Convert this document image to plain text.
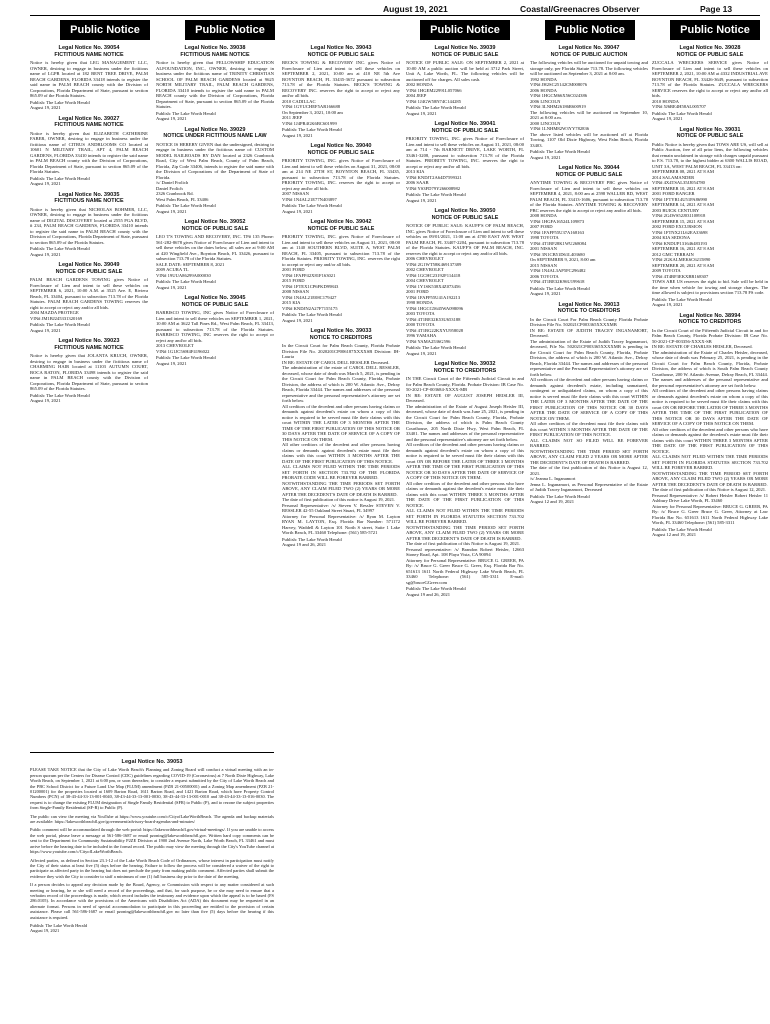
August 19, 2021	Coastal/Greenacres Observer	Page 13
Public Notice	Public Notice	Public Notice	Public Notice	Public Notice
Legal Notice No. 39054
FICTITIOUS NAME NOTICE
Notice is hereby given that LEG MANAGEMENT LLC, OWNER, desiring to engage in business under the fictitious name of LGPR located at 182 BENT TREE DRIVE, PALM BEACH GARDENS, FLORIDA 33418 intends to register the said name in PALM BEACH county with the Division of Corporations, Florida Department of State, pursuant to section 865.09 of the Florida Statutes.
Publish: The Lake Worth Herald
August 19, 2021
Legal Notice No. 39027
FICTITIOUS NAME NOTICE
Notice is hereby given that ELIZABETH CATHERINE FABER, OWNER, desiring to engage in business under the fictitious name of CITRUS ANDBLOOMS CO located at 10601 N MILITARY TRAIL, APT 4, PALM BEACH GARDENS, FLORIDA 33410 intends to register the said name in PALM BEACH county with the Division of Corporations, Florida Department of State, pursuant to section 865.09 of the Florida Statutes.
Publish: The Lake Worth Herald
August 19, 2021
Legal Notice No. 39035
FICTITIOUS NAME NOTICE
Notice is hereby given that NICHOLAS BOHMER, LLC, OWNER, desiring to engage in business under the fictitious name of DIGITAL DISCOVERY located at 2555 PGA BLVD, # 234, PALM BEACH GARDENS, FLORIDA 33410 intends to register the said name in PALM BEACH county with the Division of Corporations, Florida Department of State, pursuant to section 865.09 of the Florida Statutes.
Publish: The Lake Worth Herald
August 19, 2021
Legal Notice No. 39049
NOTICE OF PUBLIC SALE
PALM BEACH GARDENS TOWING gives Notice of Foreclosure of Lien and intent to sell these vehicles on SEPTEMBER 6, 2021, 10:00 A.M. at 3525 Ave. E, Riviera Beach, FL 33404, pursuant to subsection 713.78 of the Florida Statutes. PALM BEACH GARDENS TOWING reserves the right to accept or reject any and/or all bids.
2004 MAZDA PROTEGE
VIN# JM1BJ245331320169
Publish: The Lake Worth Herald
August 19, 2021
Legal Notice No. 39023
FICTITIOUS NAME NOTICE
Notice is hereby given that JOLANTA KRUCH, OWNER, desiring to engage in business under the fictitious name of CHARMING HAIR located at 11103 AUTUMN COURT, BOCA RATON, FLORIDA 33498 intends to register the said name in PALM BEACH county with the Division of Corporations, Florida Department of State, pursuant to section 865.09 of the Florida Statutes.
Publish: The Lake Worth Herald
August 19, 2021
Legal Notice No. 39038
FICTITIOUS NAME NOTICE
Notice is hereby given that FELLOWSHIP EDUCATION ALFOUNDATION, INC., OWNER, desiring to engage in business under the fictitious name of TRINITY CHRISTIAN SCHOOL OF PALM BEACH GARDENS located at 9625 NORTH MILITARY TRAIL, PALM BEACH GARDENS, FLORIDA 33410 intends to register the said name in PALM BEACH county with the Division of Corporations, Florida Department of State, pursuant to section 865.09 of the Florida Statutes.
Publish: The Lake Worth Herald
August 19, 2021
Legal Notice No. 39029
NOTICE UNDER FICTITIOUS NAME LAW
NOTICE IS HEREBY GIVEN that the undersigned, desiring to engage in business under the fictitious name of: CUSTOM MODEL RAILROADS BY DAN located at 2326 Cranbrook Road, City of West Palm Beach, County of Palm Beach, Florida, Zip Code 33406, intends to register the said name with the Division of Corporations of the Department of State of Florida.
/s/ Daniel Frolich
Daniel Frolich
2326 Cranbrook Rd.
West Palm Beach, FL 33406
Publish: The Lake Worth Herald
August 19, 2021
Legal Notice No. 39052
NOTICE OF PUBLIC SALE
LEO T'S TOWING AND RECOVERY, INC. TP# 135 Phone: 561-282-8678 gives Notice of Foreclosure of Lien and intent to sell these vehicles on the dates below, all sales are at 9:00 AM at 420 Wingfield Ave., Boynton Beach, FL 33426, pursuant to subsection 713.78 of the Florida Statutes.
SALE DATE: SEPTEMBER 8, 2021
2009 ACURA TL
VIN# 19UUA86299A000030
Publish: The Lake Worth Herald
August 19, 2021
Legal Notice No. 39045
NOTICE OF PUBLIC SALE
BARBISCO TOWING, INC gives Notice of Foreclosure of Lien and intent to sell these vehicles on SEPTEMBER 1, 2021, 10:00 AM at 3622 Tall Pines Rd., West Palm Beach, FL 33413, pursuant to subsection 713.78 of the Florida Statutes. BARBISCO TOWING, INC reserves the right to accept or reject any and/or all bids.
2013 CHEVROLET
VIN# 1G1JC5SH4F4196022
Publish: The Lake Worth Herald
August 19, 2021
Legal Notice No. 39043
NOTICE OF PUBLIC SALE
BECK'S TOWING & RECOVERY INC. gives Notice of Foreclosure of Lien and intent to sell these vehicles on SEPTEMBER 2, 2021, 10:00 am at 410 NE 5th Ave BOYNTON BEACH, FL 33435-3672 pursuant to subsection 713.78 of the Florida Statutes. BECK'S TOWING & RECOVERY INC. reserves the right to accept or reject any and/or all bids.
2010 CADILLAC
VIN# 1GYUCHEF5AR166688
On September 3, 2021, 10:00 am
2011 JEEP
VIN# 1J4PR4GK6BC601999
Publish: The Lake Worth Herald
August 19, 2021
Legal Notice No. 39040
NOTICE OF PUBLIC SALE
PRIORITY TOWING, INC. gives Notice of Foreclosure of Lien and intent to sell these vehicles on August 31, 2021, 08:00 am at 214 NE 27TH ST, BOYNTON BEACH, FL 33435, pursuant to subsection 713.78 of the Florida Statutes. PRIORITY TOWING, INC. reserves the right to accept or reject any and/or all bids.
2007 NISSAN
VIN# 1N4AL21E77N403897
Publish: The Lake Worth Herald
August 19, 2021
Legal Notice No. 39042
NOTICE OF PUBLIC SALE
PRIORITY TOWING, INC. gives Notice of Foreclosure of Lien and intent to sell these vehicles on August 31, 2021, 08:00 am at 1140 SOUTHERN BLVD, SUITE A, WEST PALM BEACH, FL 33405, pursuant to subsection 713.78 of the Florida Statutes. PRIORITY TOWING, INC. reserves the right to accept or reject any and/or all bids.
2001 FORD
VIN# 1FAFP42X81F163021
2015 FORD
VIN# 1FTEX1CP6FKD99843
2008 NISSAN
VIN# 1N4AL21E08C179427
2015 KIA
VIN# KNDJN2A27F7155175
Publish: The Lake Worth Herald
August 19, 2021
Legal Notice No. 39033
NOTICE TO CREDITORS
In the Circuit Court for Palm Beach County, Florida Probate Division File No. 2020201CP006187XXXXSB Division: IH-Lauria
IN RE: ESTATE OF CAROL DELL RESSLER Deceased.
The administration of the estate of CAROL DELL RESSLER, deceased, whose date of death was March 5, 2021, is pending in the Circuit Court for Palm Beach County, Florida, Probate Division, the address of which is 200 W. Atlantic Ave., Delray Beach, Florida 33444. The names and addresses of the personal representative and the personal representative's attorney are set forth below.
All creditors of the decedent and other persons having claims or demands against decedent's estate on whom a copy of this notice is required to be served must file their claims with this court WITHIN THE LATER OF 3 MONTHS AFTER THE TIME OF THE FIRST PUBLICATION OF THIS NOTICE OR 30 DAYS AFTER THE DATE OF SERVICE OF A COPY OF THIS NOTICE ON THEM.
All other creditors of the decedent and other persons having claims or demands against decedent's estate must file their claims with this court WITHIN 3 MONTHS AFTER THE DATE OF THE FIRST PUBLICATION OF THIS NOTICE.
ALL CLAIMS NOT FILED WITHIN THE TIME PERIODS SET FORTH IN SECTION 733.702 OF THE FLORIDA PROBATE CODE WILL BE FOREVER BARRED.
NOTWITHSTANDING THE TIME PERIODS SET FORTH ABOVE, ANY CLAIM FILED TWO (2) YEARS OR MORE AFTER THE DECEDENT'S DATE OF DEATH IS BARRED.
The date of first publication of this notice is August 19, 2021.
Personal Representative: /s/ Steven V. Ressler STEVEN V. RESSLER 42-55 Oakland Street Stuart, FL 34997
Attorney for Personal Representative: /s/ Ryan M. Layton RYAN M. LAYTON, Esq. Florida Bar Number: 571172 Harvey, Waddell & Layton 101 North S street, Suite 1 Lake Worth Beach, FL 33460 Telephone: (561) 585-5721
Publish: The Lake Worth Herald
August 19 and 26, 2021
Legal Notice No. 39039
NOTICE OF PUBLIC SALE
NOTICE OF PUBLIC SALE: ON SEPTEMBER 2, 2021 at 10:00 AM a public auction will be held at 3712 Park Street, Unit A, Lake Worth, FL. The following vehicles will be auctioned off for charges. All sales cash.
2002 HONDA
VIN# 1HGEM22991L057066
2004 JEEP
VIN# 1J4GW58N74C144285
Publish: The Lake Worth Herald
August 19, 2021
Legal Notice No. 39041
NOTICE OF PUBLIC SALE
PRIORITY TOWING, INC. gives Notice of Foreclosure of Lien and intent to sell these vehicles on August 31, 2021, 08:00 am at 714 - 7th BARNETT DRIVE, LAKE WORTH, FL 33461-3208, pursuant to subsection 713.78 of the Florida Statutes. PRIORITY TOWING, INC. reserves the right to accept or reject any and/or all bids.
2013 KIA
VIN# KNDJT2A64D7599321
2006 SAAB
VIN# YS3FD79Y266008982
Publish: The Lake Worth Herald
August 19, 2021
Legal Notice No. 39050
NOTICE OF PUBLIC SALE
NOTICE OF PUBLIC SALE: KAUFF'S OF PALM BEACH, INC. gives Notice of Foreclosure of Lien and intent to sell these vehicles on 09/01/2021, 11:00 am at 4700 EAST AVE WEST PALM BEACH, FL 33407-2204, pursuant to subsection 713.78 of the Florida Statutes. KAUFF'S OF PALM BEACH, INC. reserves the right to accept or reject any and/or all bids.
2006 CHEVROLET
VIN# 2G1WT58K469137389
2002 CHEVROLET
VIN# 1GCHC23192F114418
2004 CHEVROLET
VIN# 1Y1SK538X4Z073456
2001 FORD
VIN# 1FAFP55U41A192213
1998 HONDA
VIN# 1HGCG5645WA098096
2003 TOYOTA
VIN# 4T1BE32K53U653188
2000 TOYOTA
VIN# 4T1BG22KXYU958028
1996 YAMAHA
VIN# YAMA2536G596
Publish: The Lake Worth Herald
August 19, 2021
Legal Notice No. 39032
NOTICE TO CREDITORS
IN THE Circuit Court of the Fifteenth Judicial Circuit in and for Palm Beach County, Florida. Probate Division: IB Case No. 50-2021-CP-003684-XXXX-MB
IN RE: ESTATE OF AUGUST JOSEPH HEISLER III, Deceased.
The administration of the Estate of August Joseph Heisler III, deceased, whose date of death was June 25, 2021, is pending in the Circuit Court for Palm Beach County, Florida, Probate Division, the address of which is Palm Beach County Courthouse, 205 North Dixie Hwy, West Palm Beach, FL 33401. The names and addresses of the personal representative and the personal representative's attorney are set forth below.
All creditors of the decedent and other persons having claims or demands against decedent's estate on whom a copy of this notice is required to be served must file their claims with this court ON OR BEFORE THE LATER OF THREE 3 MONTHS AFTER THE TIME OF THE FIRST PUBLICATION OF THIS NOTICE OR 30 DAYS AFTER THE DATE OF SERVICE OF A COPY OF THIS NOTICE ON THEM.
All other creditors of the decedent and other persons who have claims or demands against the decedent's estate must file their claims with this court WITHIN THREE 3 MONTHS AFTER THE DATE OF THE FIRST PUBLICATION OF THIS NOTICE.
ALL CLAIMS NOT FILED WITHIN THE TIME PERIODS SET FORTH IN FLORIDA STATUTES SECTION 733.702 WILL BE FOREVER BARRED.
NOTWITHSTANDING THE TIME PERIOD SET FORTH ABOVE, ANY CLAIM FILED TWO (2) YEARS OR MORE AFTER THE DECEDENT'S DATE OF DEATH IS BARRED.
The date of first publication of this Notice is August 19, 2021.
Personal representative: /s/ Brandon Robert Heisler, 12663 Stoney Road, Apt. 108 Playa Vista, CA 90094
Attorney for Personal Representative: BRUCE G. GREER, PA By: /s/ Bruce G. Greer Bruce G. Greer, Esq. Florida Bar No. 651613 1611 North Federal Highway Lake Worth Beach, FL 33460 Telephone: (561) 585-3311 E-mail: sg@bruceGGreer.com
Publish: The Lake Worth Herald
August 19 and 26, 2021
Legal Notice No. 39047
NOTICE OF PUBLIC AUCTION
The following vehicles will be auctioned for unpaid towing and storage only, per Florida Statute 713.78. The following vehicles will be auctioned on September 3, 2021 at 8:00 am.
1992 HONDA
VIN# JH2SC25142CM008076
2006 HONDA
VIN# 1HGCM66X56C024386
2006 LINCOLN
VIN# 3LNHM26186R600919
The following vehicles will be auctioned on September 10, 2021 at 8:00 a.m.
2000 LINCOLN
VIN# 1LNHM82W3YY782836
The above listed vehicles will be auctioned off at Florida Towing, 1107 Old Dixie Highway, West Palm Beach, Florida 33403.
Publish: The Lake Worth Herald
August 19, 2021
Legal Notice No. 39044
NOTICE OF PUBLIC SALE
ANYTIME TOWING & RECOVERY PBC gives Notice of Foreclosure of Lien and intent to sell these vehicles on SEPTEMBER 4, 2021, 8:00 am at 2598 WALLER RD, WEST PALM BEACH, FL 33413-1606, pursuant to subsection 713.78 of the Florida Statutes. ANYTIME TOWING & RECOVERY PBC reserves the right to accept or reject any and/or all bids.
2008 HONDA
VIN# 1HGFA16524L109873
2007 FORD
VIN# 1FAFP55U37A168163
1998 TOYOTA
VIN# 4T1BF28K1WU268084
2001 NISSAN
VIN# 3N1CB51D61L403680
On SEPTEMBER 9, 2021, 8:00 am
2015 NISSAN
VIN# 1N4AL3AP5FC296482
2006 TOYOTA
VIN# 4T1BE32K96U199618
Publish: The Lake Worth Herald
August 19, 2021
Legal Notice No. 39013
NOTICE TO CREDITORS
In the Circuit Court For Palm Beach County Florida Probate Division File No. 502021CP003365XXXXMB
IN RE: ESTATE OF JUDITH TRACEY INGANAMORT, Deceased.
The administration of the Estate of Judith Tracey Inganamort, deceased, File No. 502021CP003365XXXXMB is pending in the Circuit Court for Palm Beach County, Florida, Probate Division, the address of which is 200 W. Atlantic Ave., Delray Beach, Florida 33444. The names and addresses of the personal representative and the Personal Representative's attorney are set forth below.
All creditors of the decedent and other persons having claims or demands against decedent's estate, including unmatured, contingent or unliquidated claims, on whom a copy of this notice is served must file their claims with this court WITHIN THE LATER OF 3 MONTHS AFTER THE DATE OF THE FIRST PUBLICATION OF THIS NOTICE OR 30 DAYS AFTER THE DATE OF SERVICE OF A COPY OF THIS NOTICE ON THEM.
All other creditors of the decedent must file their claims with this court WITHIN 3 MONTHS AFTER THE DATE OF THE FIRST PUBLICATION OF THIS NOTICE.
ALL CLAIMS NOT SO FILED WILL BE FOREVER BARRED.
NOTWITHSTANDING THE TIME PERIOD SET FORTH ABOVE, ANY CLAIM FILED 2 YEARS OR MORE AFTER THE DECEDENT'S DATE OF DEATH IS BARRED.
The date of the first publication of this Notice is August 12, 2021.
/s/ Jeanna L. Inganamort
Jenna L. Inganamort, as Personal Representative of the Estate of Judith Tracey Inganamort, Deceased
Publish: The Lake Worth Herald
August 12 and 19, 2021
Legal Notice No. 39028
NOTICE OF PUBLIC SALE
ZUCCALA WRECKERS SERVICE gives Notice of Foreclosure of Lien and intent to sell these vehicles on SEPTEMBER 2, 2021, 10:00 AM at 4332 INDUSTRIAL AVE BOYNTON BEACH, FL 33426-3649, pursuant to subsection 713.78 of the Florida Statutes. ZUCCALA WRECKERS SERVICE reserves the right to accept or reject any and/or all bids.
2010 HONDA
VIN# 5J6RE4H58AL005707
Publish: The Lake Worth Herald
August 19, 2021
Legal Notice No. 39031
NOTICE OF PUBLIC SALE
Public Notice is hereby given that TOWS ARE US, will sell at Public Auction, free of all prior liens, the following vehicles that remain unclaimed in storage with charges unpaid pursuant to F.S. 713.78, to the highest bidder at 6300 WALLIS ROAD, UNIT 3A, WEST PALM BEACH, FL 33413 on:
SEPTEMBER 08, 2021 AT 8 AM
2014 SALAMANDER
VIN# 4X4TSAL35JJ054780
SEPTEMBER 10, 2021 AT 8 AM
2001 FORD RANGER
VIN# 1FTYR14U51PA86990
SEPTEMBER 14, 2021 AT 8 AM
2003 BUICK CENTURY
VIN# 2G4WS52J031108918
SEPTEMBER 15, 2021 AT 8 AM
2002 FORD EXCURSION
VIN# 1FTNX21L62EA33698
2004 KIA SEDONA
VIN# KNDUP131646483193
SEPTEMBER 16, 2021 AT 8 AM
2012 GMC TERRAIN
VIN# 2GKALMEK6C6215890
SEPTEMBER 20, 2021 AT 8 AM
2009 TOYOTA
VIN# 4T4BF3EKXBR168307
TOWS ARE US reserves the right to bid. Sale will be held in the time when vehicle for towing and storage charges. The time allowed is subject to provisions section 713.78 FS code.
Publish: The Lake Worth Herald
August 19, 2021
Legal Notice No. 38994
NOTICE TO CREDITORS
In the Circuit Court of the Fifteenth Judicial Circuit in and for Palm Beach County, Florida Probate Division: IB Case No. 50-2021-CP-003356-XXXX-SB
IN RE: ESTATE OF CHARLES HEISLER, Deceased.
The administration of the Estate of Charles Heisler, deceased, whose date of death was February 25, 2021, is pending in the Circuit Court for Palm Beach County, Florida, Probate Division, the address of which is South Palm Beach County Courthouse, 200 W. Atlantic Avenue, Delray Beach, FL 33444. The names and addresses of the personal representative and the personal representative's attorney are set forth below.
All creditors of the decedent and other persons having claims or demands against decedent's estate on whom a copy of this notice is required to be served must file their claims with this court ON OR BEFORE THE LATER OF THREE 3 MONTHS AFTER THE TIME OF THE FIRST PUBLICATION OF THIS NOTICE OR 30 DAYS AFTER THE DATE OF SERVICE OF A COPY OF THIS NOTICE ON THEM.
All other creditors of the decedent and other persons who have claims or demands against the decedent's estate must file their claims with this court WITHIN THREE 3 MONTHS AFTER THE DATE OF THE FIRST PUBLICATION OF THIS NOTICE.
ALL CLAIMS NOT FILED WITHIN THE TIME PERIODS SET FORTH IN FLORIDA STATUTES SECTION 733.702 WILL BE FOREVER BARRED.
NOTWITHSTANDING THE TIME PERIOD SET FORTH ABOVE, ANY CLAIM FILED TWO (2) YEARS OR MORE AFTER THE DECEDENT'S DATE OF DEATH IS BARRED.
The date of first publication of this Notice is August 12, 2021.
Personal Representative: /s/ Robert Heisler Robert Heisler 11 Ashbury Drive Lake Worth, FL 33460
Attorney for Personal Representative: BRUCE G. GREER, PA By: /s/ Bruce G. Greer Bruce G. Greer, Attorney at Law Florida Bar No. 651613 1611 North Federal Highway Lake Worth, FL 33460 Telephone: (561) 585-3311
Publish: The Lake Worth Herald
August 12 and 19, 2021
Legal Notice No. 39053

PLEASE TAKE NOTICE that the City of Lake Worth Beach's Planning and Zoning Board will conduct a virtual meeting with an in-person quorum per the Centers for Disease Control (CDC) guidelines regarding COVID-19 (Coronavirus) at 7 North Dixie Highway, Lake Worth Beach, on September 1, 2021 at 6:00 pm, or soon thereafter, to consider a request submitted by the City of Lake Worth Beach and the PBC School District for a Future Land Use Map (FLUM) amendment (PZB 21-00500001) and a Zoning Map amendment (PZB 21-01200001) for the properties located at 1609 Barton Road, 1611 Barton Road, and 1421 Barton Road, which have Property Control Numbers (PCN) of 38-43-44-33-13-001-0040, 38-43-44-33-13-001-0030, 38-43-44-33-13-001-0010 and 38-43-44-33-13-016-0030. The request is to change the existing FLUM designation of Single Family Residential (SFR) to Public (P), and to rezone the subject properties from Single-Family Residential (SF-R) to Public (P).

The public can view the meeting via YouTube at https://www.youtube.com/c/CityofLakeWorthBeach. The agenda and backup materials are available: https://lakeworthbeachfl.gov/government/advisory-board-agendas-and-minutes/

Public comment will be accommodated through the web portal: https://lakeworthbeachfl.gov/virtual-meetings/. If you are unable to access the web portal, please leave a message at 561-586-1687 or email pzoning@lakeworthbeachfl.gov. Written hard copy comments can be sent to the Department for Community Sustainability P2ZE Division at 1900 2nd Avenue North, Lake Worth Beach, FL 33461 and must arrive before the hearing date to be included in the formal record. The public may view the meeting through the City's YouTube channel at https://www.youtube.com/c/CityofLakeWorthBeach.

Affected parties, as defined in Section 23.1-12 of the Lake Worth Beach Code of Ordinances, whose interest in participation must notify the City of their status at least five (5) days before the hearing. Failure to follow the process will be considered a waiver of the right to participate as affected party in the hearing but does not preclude the party from making public comment. Affected parties shall submit the evidence they wish the City to consider to staff a minimum of one (1) full business day prior to the date of the meeting.

If a person decides to appeal any decision made by the Board, Agency, or Commission with respect to any matter considered at such meeting or hearing, he or she will need a record of the proceedings, and that, for such purpose, he or she may need to ensure that a verbatim record of the proceedings is made, which record includes the testimony and evidence upon which the appeal is to be based (FS 286.0105). In accordance with the provisions of the Americans with Disabilities Act (ADA) this document may be requested in an alternate format. Persons in need of special accommodation to participate in this proceeding are entitled to the provision of certain assistance. Please call 561-586-1687 or email pzoning@lakeworthbeachfl.gov no later than five (5) days before the hearing if this assistance is required.

Publish: The Lake Worth Herald
August 19, 2021
